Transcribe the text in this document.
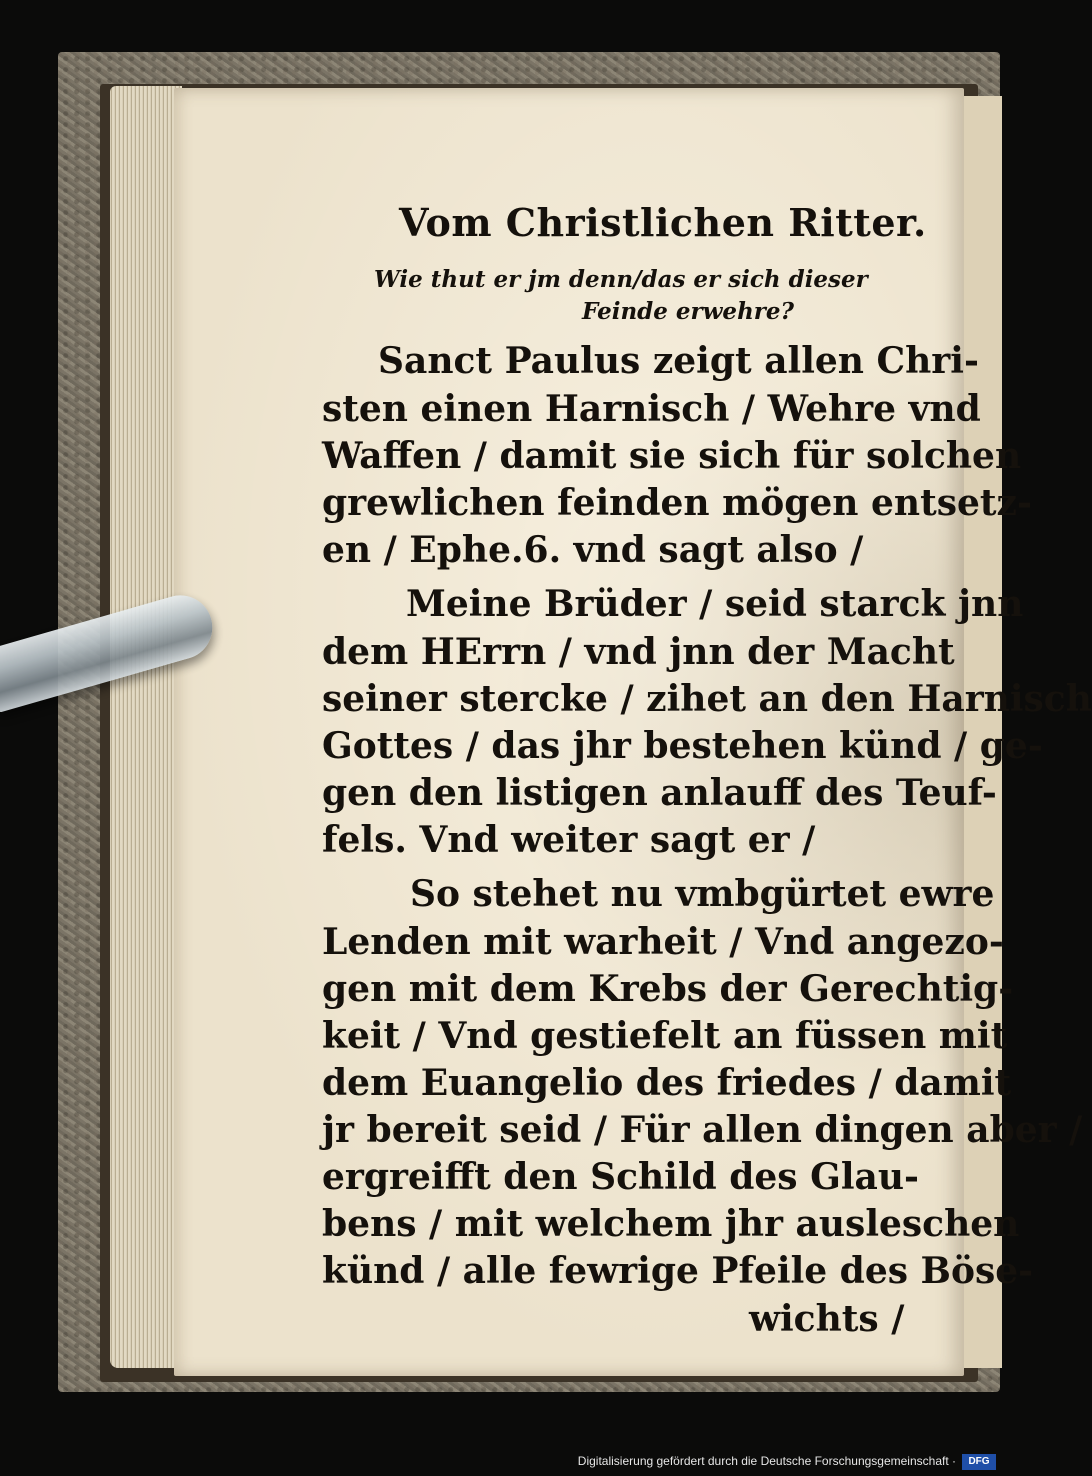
Vom Christlichen Ritter.

Wie thut er jm denn/das er sich dieser

Feinde erwehre?

Sanct Paulus zeigt allen Chri-

sten einen Harnisch / Wehre vnd

Waffen / damit sie sich für solchen

grewlichen feinden mögen entsetz-

en / Ephe.6. vnd sagt also /

Meine Brüder / seid starck jnn

dem HErrn / vnd jnn der Macht

seiner stercke / zihet an den Harnisch

Gottes / das jhr bestehen künd / ge-

gen den listigen anlauff des Teuf-

fels. Vnd weiter sagt er /

So stehet nu vmbgürtet ewre

Lenden mit warheit / Vnd angezo-

gen mit dem Krebs der Gerechtig-

keit / Vnd gestiefelt an füssen mit

dem Euangelio des friedes / damit

jr bereit seid / Für allen dingen aber /

ergreifft den Schild des Glau-

bens / mit welchem jhr ausleschen

künd / alle fewrige Pfeile des Böse-

wichts /

Digitalisierung gefördert durch die Deutsche Forschungsgemeinschaft ·	DFG
